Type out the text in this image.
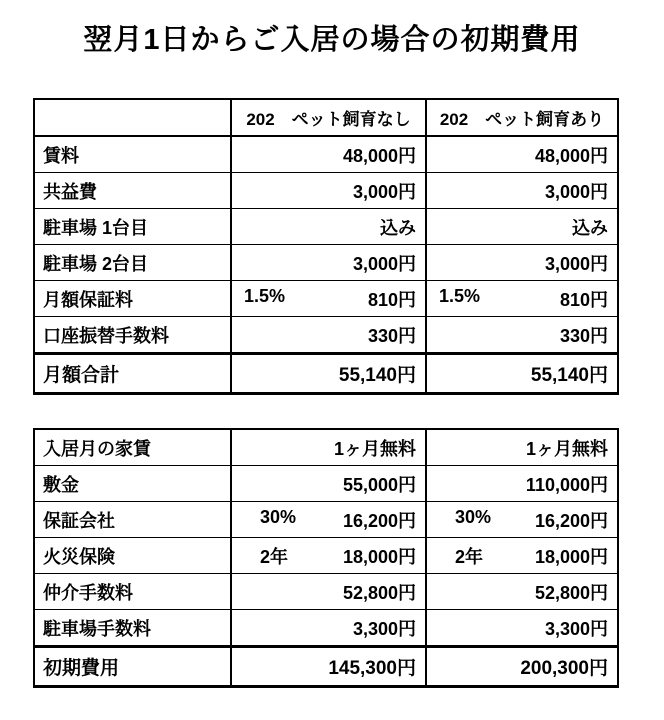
翌月1日からご入居の場合の初期費用
	202　ペット飼育なし	202　ペット飼育あり
賃料	48,000円	48,000円
共益費	3,000円	3,000円
駐車場 1台目	込み	込み
駐車場 2台目	3,000円	3,000円
月額保証料	1.5% 810円	1.5% 810円
口座振替手数料	330円	330円
月額合計	55,140円	55,140円
入居月の家賃	1ヶ月無料	1ヶ月無料
敷金	55,000円	110,000円
保証会社	30% 16,200円	30% 16,200円
火災保険	2年 18,000円	2年 18,000円
仲介手数料	52,800円	52,800円
駐車場手数料	3,300円	3,300円
初期費用	145,300円	200,300円
